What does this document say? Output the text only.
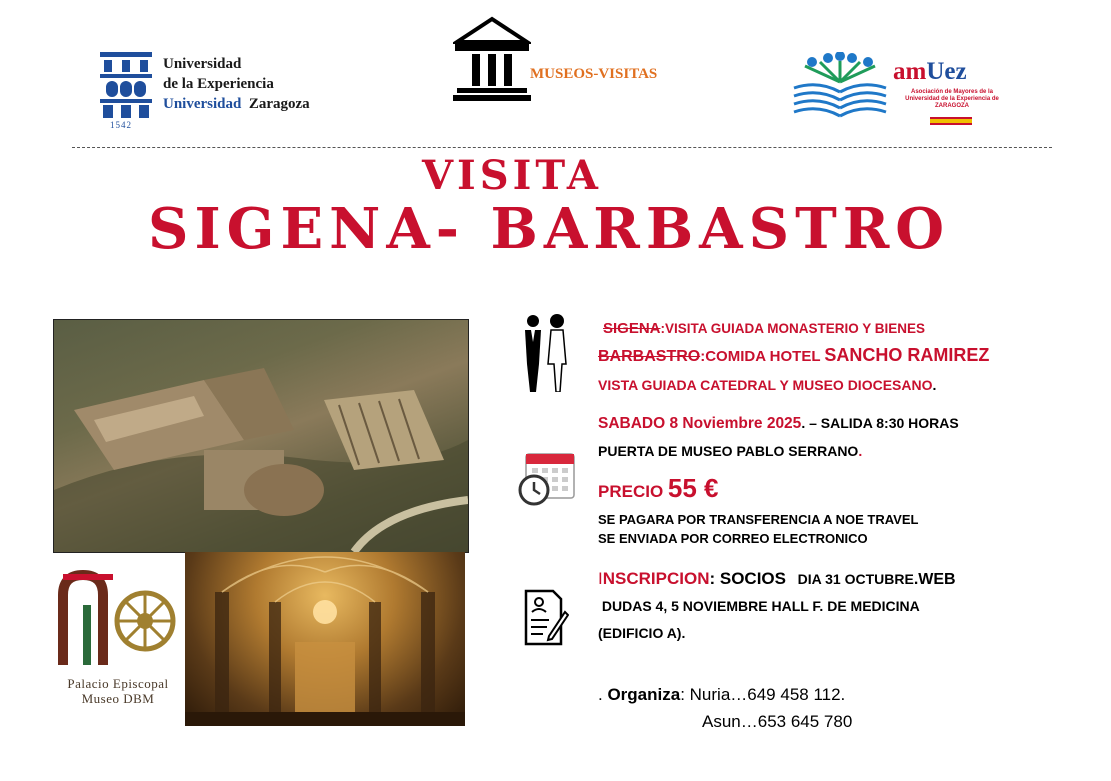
1542
Universidad
de la Experiencia
Universidad Zaragoza
MUSEOS-VISITAS	amUez
Asociación de Mayores de la Universidad de la Experiencia de ZARAGOZA
VISITA
SIGENA- BARBASTRO
Palacio Episcopal
Museo DBM
SIGENA:VISITA GUIADA MONASTERIO Y BIENES
BARBASTRO:COMIDA HOTEL SANCHO RAMIREZ
VISTA GUIADA CATEDRAL Y MUSEO DIOCESANO.
SABADO 8 Noviembre 2025. – SALIDA 8:30 HORAS
PUERTA DE MUSEO PABLO SERRANO.
PRECIO 55 €
SE PAGARA POR TRANSFERENCIA A NOE TRAVEL
SE ENVIADA POR CORREO ELECTRONICO
INSCRIPCION: SOCIOS   DIA 31 OCTUBRE.WEB
DUDAS 4, 5 NOVIEMBRE HALL F. DE MEDICINA
(EDIFICIO A).
. Organiza: Nuria…649 458 112.
Asun…653 645 780
